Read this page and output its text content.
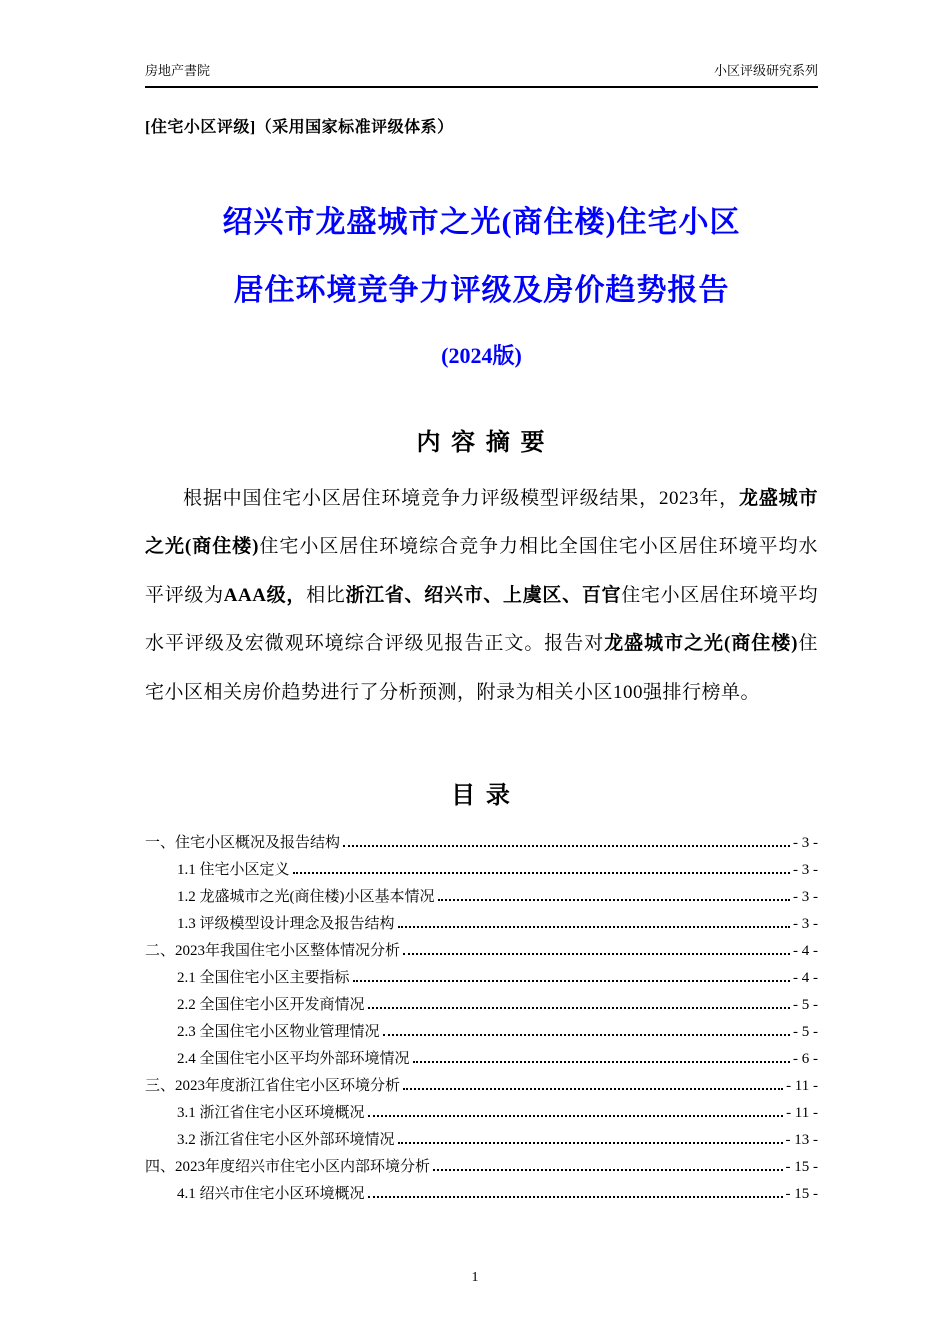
房地产書院	小区评级研究系列
[住宅小区评级]（采用国家标准评级体系）
绍兴市龙盛城市之光(商住楼)住宅小区
居住环境竞争力评级及房价趋势报告
(2024版)
内 容 摘 要
根据中国住宅小区居住环境竞争力评级模型评级结果，2023年，龙盛城市之光(商住楼)住宅小区居住环境综合竞争力相比全国住宅小区居住环境平均水平评级为AAA级，相比浙江省、绍兴市、上虞区、百官住宅小区居住环境平均水平评级及宏微观环境综合评级见报告正文。报告对龙盛城市之光(商住楼)住宅小区相关房价趋势进行了分析预测，附录为相关小区100强排行榜单。
目 录
一、住宅小区概况及报告结构	- 3 -
1.1 住宅小区定义	- 3 -
1.2 龙盛城市之光(商住楼)小区基本情况	- 3 -
1.3 评级模型设计理念及报告结构	- 3 -
二、2023年我国住宅小区整体情况分析	- 4 -
2.1 全国住宅小区主要指标	- 4 -
2.2 全国住宅小区开发商情况	- 5 -
2.3 全国住宅小区物业管理情况	- 5 -
2.4 全国住宅小区平均外部环境情况	- 6 -
三、2023年度浙江省住宅小区环境分析	- 11 -
3.1 浙江省住宅小区环境概况	- 11 -
3.2 浙江省住宅小区外部环境情况	- 13 -
四、2023年度绍兴市住宅小区内部环境分析	- 15 -
4.1 绍兴市住宅小区环境概况	- 15 -
1
